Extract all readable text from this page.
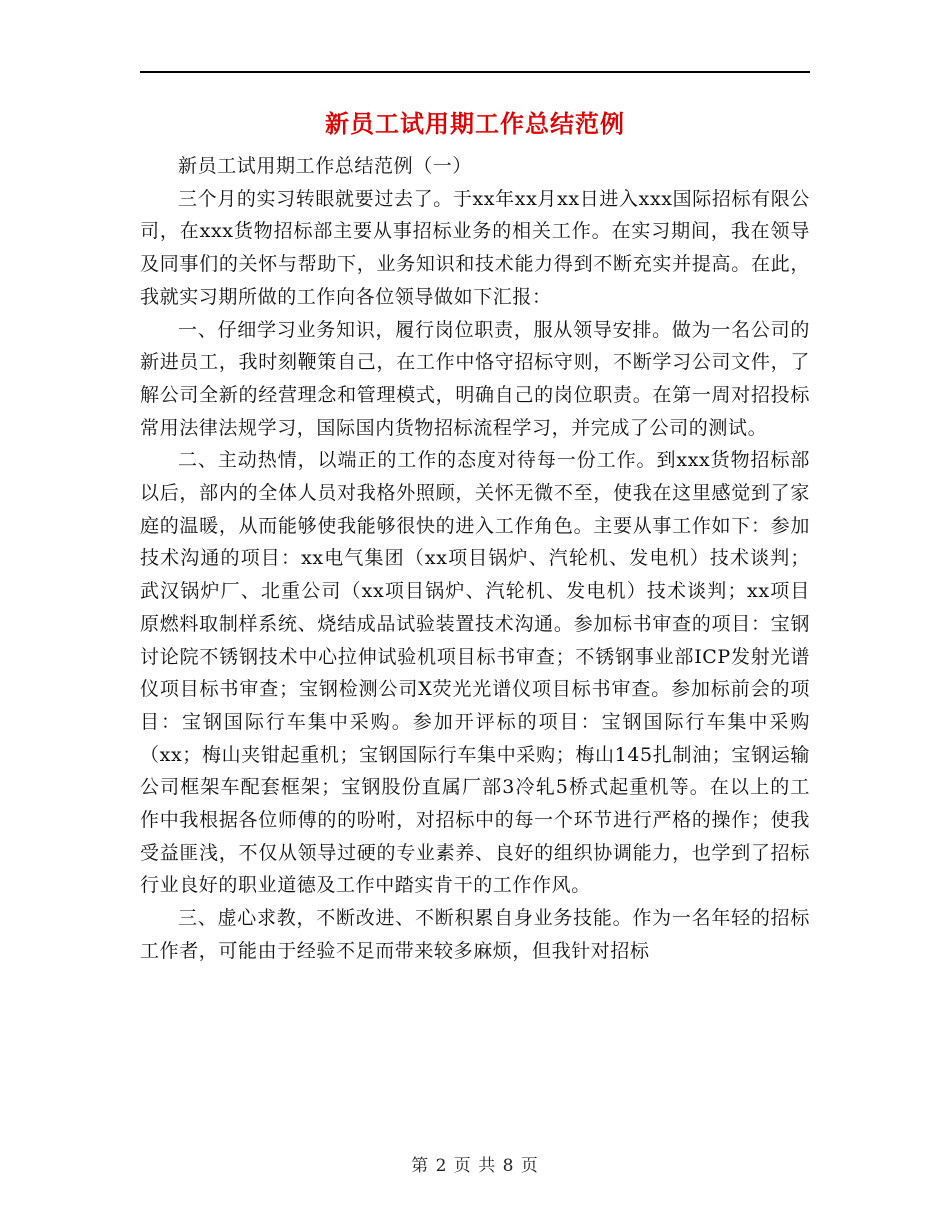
新员工试用期工作总结范例

新员工试用期工作总结范例（一）

三个月的实习转眼就要过去了。于xx年xx月xx日进入xxx国际招标有限公司，在xxx货物招标部主要从事招标业务的相关工作。在实习期间，我在领导及同事们的关怀与帮助下，业务知识和技术能力得到不断充实并提高。在此，我就实习期所做的工作向各位领导做如下汇报：

一、仔细学习业务知识，履行岗位职责，服从领导安排。做为一名公司的新进员工，我时刻鞭策自己，在工作中恪守招标守则，不断学习公司文件，了解公司全新的经营理念和管理模式，明确自己的岗位职责。在第一周对招投标常用法律法规学习，国际国内货物招标流程学习，并完成了公司的测试。

二、主动热情，以端正的工作的态度对待每一份工作。到xxx货物招标部以后，部内的全体人员对我格外照顾，关怀无微不至，使我在这里感觉到了家庭的温暖，从而能够使我能够很快的进入工作角色。主要从事工作如下：参加技术沟通的项目：xx电气集团（xx项目锅炉、汽轮机、发电机）技术谈判；武汉锅炉厂、北重公司（xx项目锅炉、汽轮机、发电机）技术谈判；xx项目原燃料取制样系统、烧结成品试验装置技术沟通。参加标书审查的项目：宝钢讨论院不锈钢技术中心拉伸试验机项目标书审查；不锈钢事业部ICP发射光谱仪项目标书审查；宝钢检测公司X荧光光谱仪项目标书审查。参加标前会的项目：宝钢国际行车集中采购。参加开评标的项目：宝钢国际行车集中采购（xx；梅山夹钳起重机；宝钢国际行车集中采购；梅山145扎制油；宝钢运输公司框架车配套框架；宝钢股份直属厂部3冷轧5桥式起重机等。在以上的工作中我根据各位师傅的的吩咐，对招标中的每一个环节进行严格的操作；使我受益匪浅，不仅从领导过硬的专业素养、良好的组织协调能力，也学到了招标行业良好的职业道德及工作中踏实肯干的工作作风。

三、虚心求教，不断改进、不断积累自身业务技能。作为一名年轻的招标工作者，可能由于经验不足而带来较多麻烦，但我针对招标

第 2 页 共 8 页
